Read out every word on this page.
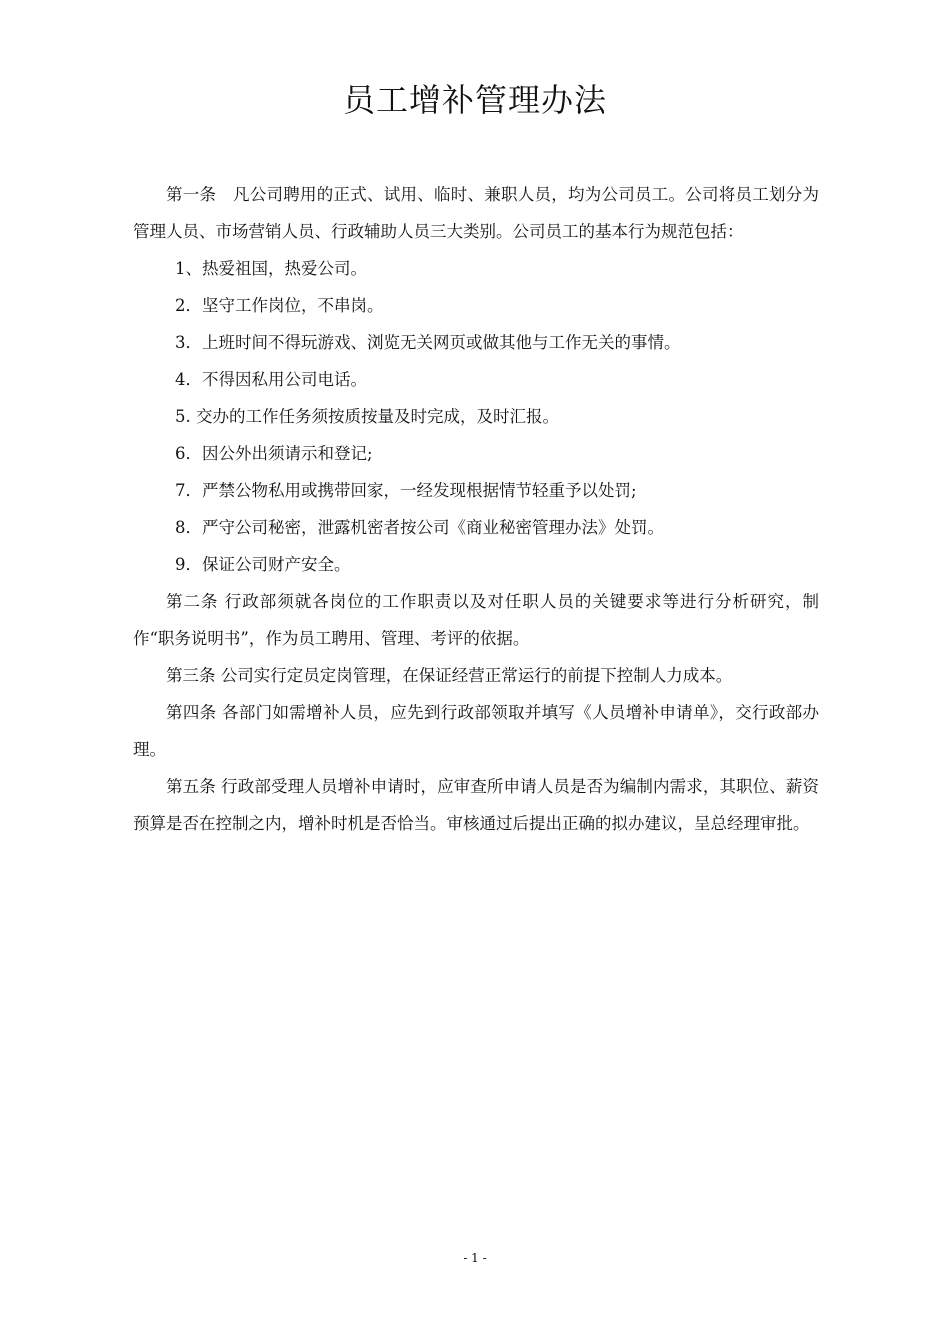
员工增补管理办法

第一条　凡公司聘用的正式、试用、临时、兼职人员，均为公司员工。公司将员工划分为管理人员、市场营销人员、行政辅助人员三大类别。公司员工的基本行为规范包括：

1、热爱祖国，热爱公司。

2．坚守工作岗位，不串岗。

3．上班时间不得玩游戏、浏览无关网页或做其他与工作无关的事情。

4．不得因私用公司电话。

5. 交办的工作任务须按质按量及时完成，及时汇报。

6．因公外出须请示和登记;

7．严禁公物私用或携带回家，一经发现根据情节轻重予以处罚;

8．严守公司秘密，泄露机密者按公司《商业秘密管理办法》处罚。

9．保证公司财产安全。

第二条 行政部须就各岗位的工作职责以及对任职人员的关键要求等进行分析研究，制作“职务说明书”，作为员工聘用、管理、考评的依据。

第三条 公司实行定员定岗管理，在保证经营正常运行的前提下控制人力成本。

第四条 各部门如需增补人员，应先到行政部领取并填写《人员增补申请单》，交行政部办理。

第五条 行政部受理人员增补申请时，应审查所申请人员是否为编制内需求，其职位、薪资预算是否在控制之内，增补时机是否恰当。审核通过后提出正确的拟办建议，呈总经理审批。

- 1 -
